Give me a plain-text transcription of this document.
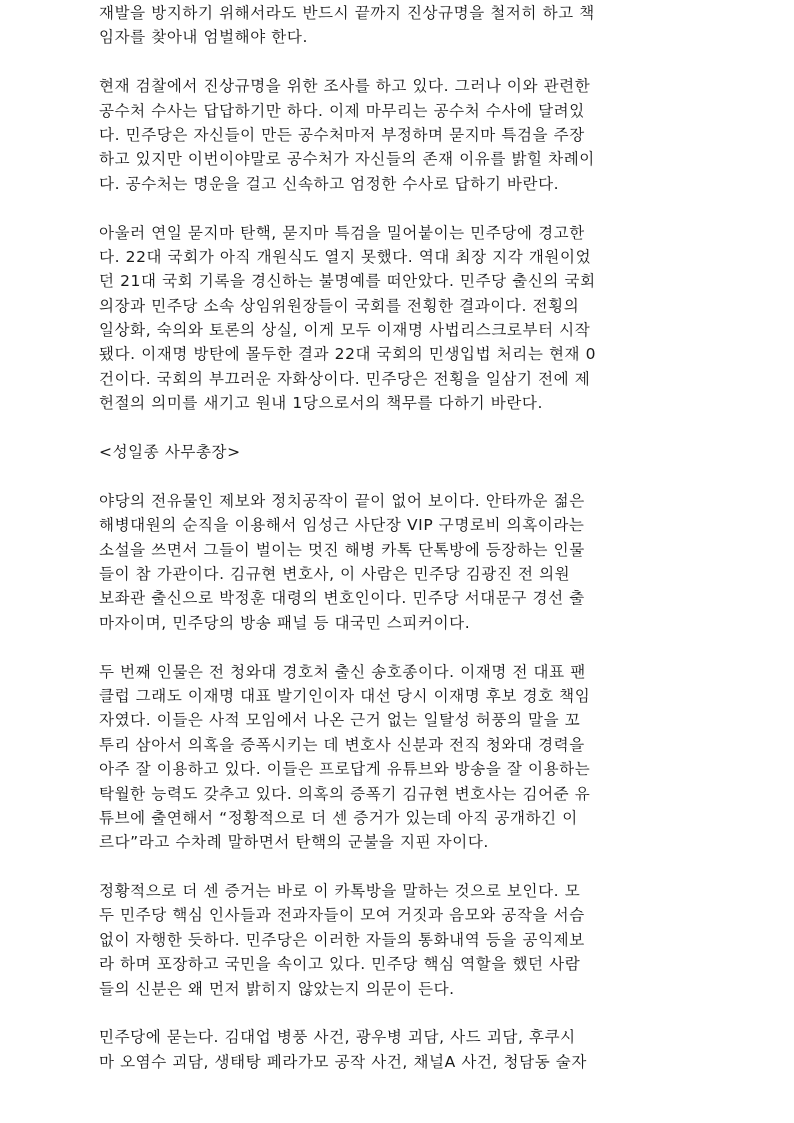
재발을 방지하기 위해서라도 반드시 끝까지 진상규명을 철저히 하고 책
임자를 찾아내 엄벌해야 한다.
현재 검찰에서 진상규명을 위한 조사를 하고 있다. 그러나 이와 관련한
공수처 수사는 답답하기만 하다. 이제 마무리는 공수처 수사에 달려있
다. 민주당은 자신들이 만든 공수처마저 부정하며 묻지마 특검을 주장
하고 있지만 이번이야말로 공수처가 자신들의 존재 이유를 밝힐 차례이
다. 공수처는 명운을 걸고 신속하고 엄정한 수사로 답하기 바란다.
아울러 연일 묻지마 탄핵, 묻지마 특검을 밀어붙이는 민주당에 경고한
다. 22대 국회가 아직 개원식도 열지 못했다. 역대 최장 지각 개원이었
던 21대 국회 기록을 경신하는 불명예를 떠안았다. 민주당 출신의 국회
의장과 민주당 소속 상임위원장들이 국회를 전횡한 결과이다. 전횡의
일상화, 숙의와 토론의 상실, 이게 모두 이재명 사법리스크로부터 시작
됐다. 이재명 방탄에 몰두한 결과 22대 국회의 민생입법 처리는 현재 0
건이다. 국회의 부끄러운 자화상이다. 민주당은 전횡을 일삼기 전에 제
헌절의 의미를 새기고 원내 1당으로서의 책무를 다하기 바란다.
<성일종 사무총장>
야당의 전유물인 제보와 정치공작이 끝이 없어 보이다. 안타까운 젊은
해병대원의 순직을 이용해서 임성근 사단장 VIP 구명로비 의혹이라는
소설을 쓰면서 그들이 벌이는 멋진 해병 카톡 단톡방에 등장하는 인물
들이 참 가관이다. 김규현 변호사, 이 사람은 민주당 김광진 전 의원
보좌관 출신으로 박정훈 대령의 변호인이다. 민주당 서대문구 경선 출
마자이며, 민주당의 방송 패널 등 대국민 스피커이다.
두 번째 인물은 전 청와대 경호처 출신 송호종이다. 이재명 전 대표 팬
클럽 그래도 이재명 대표 발기인이자 대선 당시 이재명 후보 경호 책임
자였다. 이들은 사적 모임에서 나온 근거 없는 일탈성 허풍의 말을 꼬
투리 삼아서 의혹을 증폭시키는 데 변호사 신분과 전직 청와대 경력을
아주 잘 이용하고 있다. 이들은 프로답게 유튜브와 방송을 잘 이용하는
탁월한 능력도 갖추고 있다. 의혹의 증폭기 김규현 변호사는 김어준 유
튜브에 출연해서 “정황적으로 더 센 증거가 있는데 아직 공개하긴 이
르다”라고 수차례 말하면서 탄핵의 군불을 지핀 자이다.
정황적으로 더 센 증거는 바로 이 카톡방을 말하는 것으로 보인다. 모
두 민주당 핵심 인사들과 전과자들이 모여 거짓과 음모와 공작을 서슴
없이 자행한 듯하다. 민주당은 이러한 자들의 통화내역 등을 공익제보
라 하며 포장하고 국민을 속이고 있다. 민주당 핵심 역할을 했던 사람
들의 신분은 왜 먼저 밝히지 않았는지 의문이 든다.
민주당에 묻는다. 김대업 병풍 사건, 광우병 괴담, 사드 괴담, 후쿠시
마 오염수 괴담, 생태탕 페라가모 공작 사건, 채널A 사건, 청담동 술자
